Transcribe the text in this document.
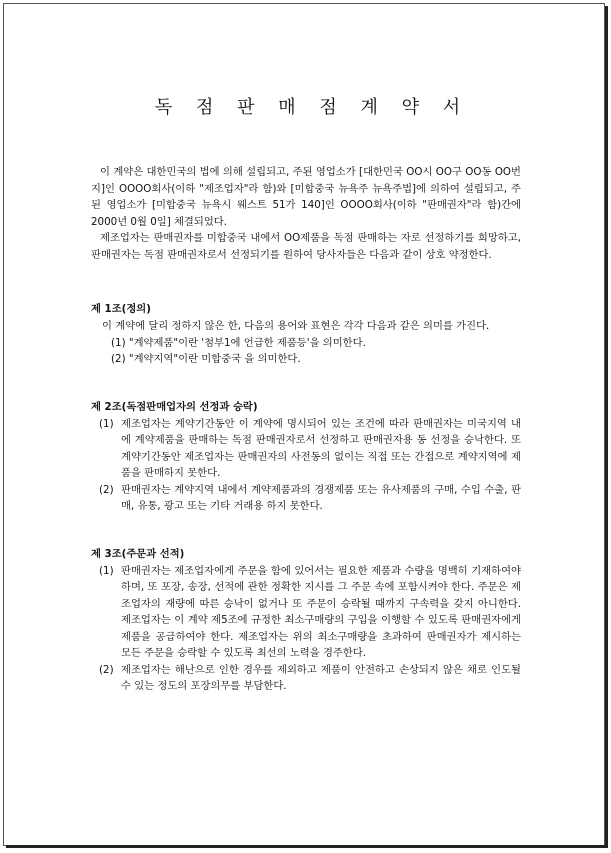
독 점 판 매 점 계 약 서

이 계약은 대한민국의 법에 의해 설립되고, 주된 영업소가 [대한민국 OO시 OO구 OO동 OO번지]인 OOOO회사(이하 "제조업자"라 함)와 [미합중국 뉴욕주 뉴욕주법]에 의하여 설립되고, 주된 영업소가 [미합중국 뉴욕시 웨스트 51가 140]인 OOOO회사(이하 "판매권자"라 함)간에 2000년 0월 0일] 체결되었다.

제조업자는 판매권자를 미합중국 내에서 OO제품을 독점 판매하는 자로 선정하기를 희망하고, 판매권자는 독점 판매권자로서 선정되기를 원하여 당사자들은 다음과 같이 상호 약정한다.

제 1조(정의)

이 계약에 달리 정하지 않은 한, 다음의 용어와 표현은 각각 다음과 같은 의미를 가진다.

(1) "계약제품"이란 '첨부1에 언급한 제품등'을 의미한다.
(2) "계약지역"이란 미합중국 을 의미한다.
제 2조(독점판매업자의 선정과 승락)
(1) 제조업자는 계약기간동안 이 계약에 명시되어 있는 조건에 따라 판매권자는 미국지역 내에 계약제품을 판매하는 독점 판매권자로서 선정하고 판매권자용 동 선정을 승낙한다. 또 계약기간동안 제조업자는 판매권자의 사전동의 없이는 직접 또는 간접으로 계약지역에 제품을 판매하지 못한다.
(2) 판매권자는 계약지역 내에서 계약제품과의 경쟁제품 또는 유사제품의 구매, 수입 수출, 판매, 유통, 광고 또는 기타 거래용 하지 못한다.
제 3조(주문과 선적)
(1) 판매권자는 제조업자에게 주문을 함에 있어서는 필요한 제품과 수량을 명백히 기재하여야하며, 또 포장, 송장, 선적에 관한 정확한 지시를 그 주문 속에 포함시켜야 한다. 주문은 제조업자의 재량에 따른 승낙이 없거나 또 주문이 승락될 때까지 구속력을 갖지 아니한다. 제조업자는 이 계약 제5조에 규정한 최소구매량의 구입을 이행할 수 있도록 판매권자에게 제품을 공급하여야 한다. 제조업자는 위의 최소구매량을 초과하여 판매권자가 제시하는 모든 주문을 승락할 수 있도록 최선의 노력을 경주한다.
(2) 제조업자는 해난으로 인한 경우를 제외하고 제품이 안전하고 손상되지 않은 채로 인도될 수 있는 정도의 포장의무를 부담한다.
